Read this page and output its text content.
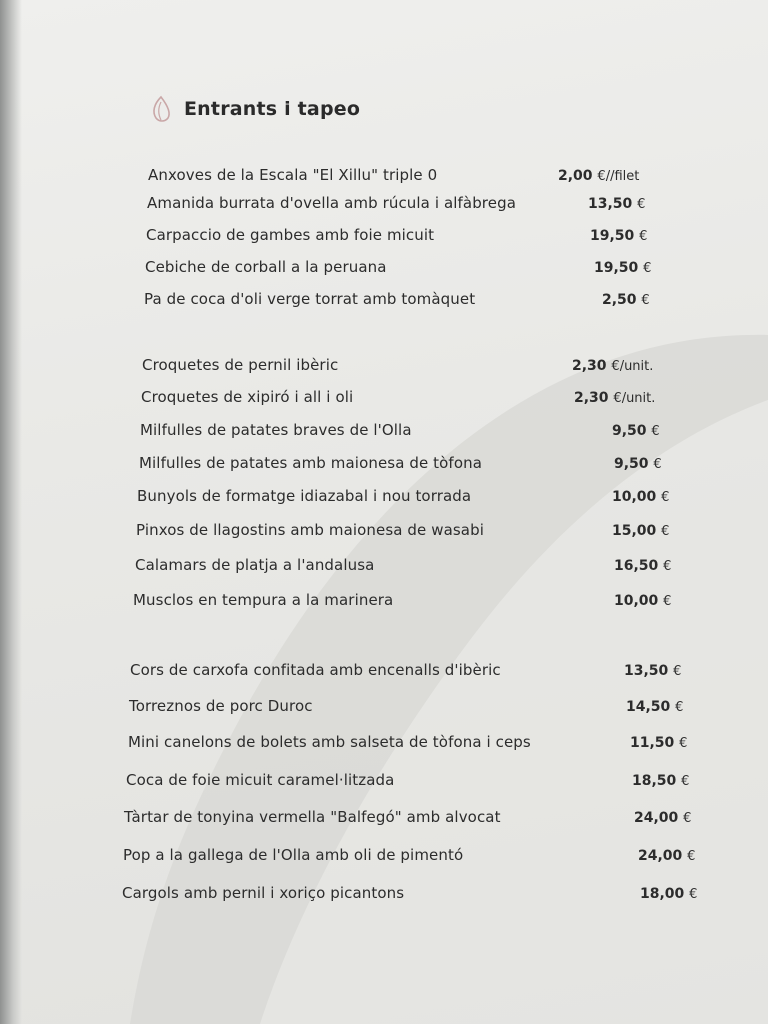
Entrants i tapeo
Anxoves de la Escala "El Xillu" triple 0	2,00 €//filet
Amanida burrata d'ovella amb rúcula i alfàbrega	13,50 €
Carpaccio de gambes amb foie micuit	19,50 €
Cebiche de corball a la peruana	19,50 €
Pa de coca d'oli verge torrat amb tomàquet	2,50 €
Croquetes de pernil ibèric	2,30 €/unit.
Croquetes de xipiró i all i oli	2,30 €/unit.
Milfulles de patates braves de l'Olla	9,50 €
Milfulles de patates amb maionesa de tòfona	9,50 €
Bunyols de formatge idiazabal i nou torrada	10,00 €
Pinxos de llagostins amb maionesa de wasabi	15,00 €
Calamars de platja a l'andalusa	16,50 €
Musclos en tempura a la marinera	10,00 €
Cors de carxofa confitada amb encenalls d'ibèric	13,50 €
Torreznos de porc Duroc	14,50 €
Mini canelons de bolets amb salseta de tòfona i ceps	11,50 €
Coca de foie micuit caramel·litzada	18,50 €
Tàrtar de tonyina vermella "Balfegó" amb alvocat	24,00 €
Pop a la gallega de l'Olla amb oli de pimentó	24,00 €
Cargols amb pernil i xoriço picantons	18,00 €
